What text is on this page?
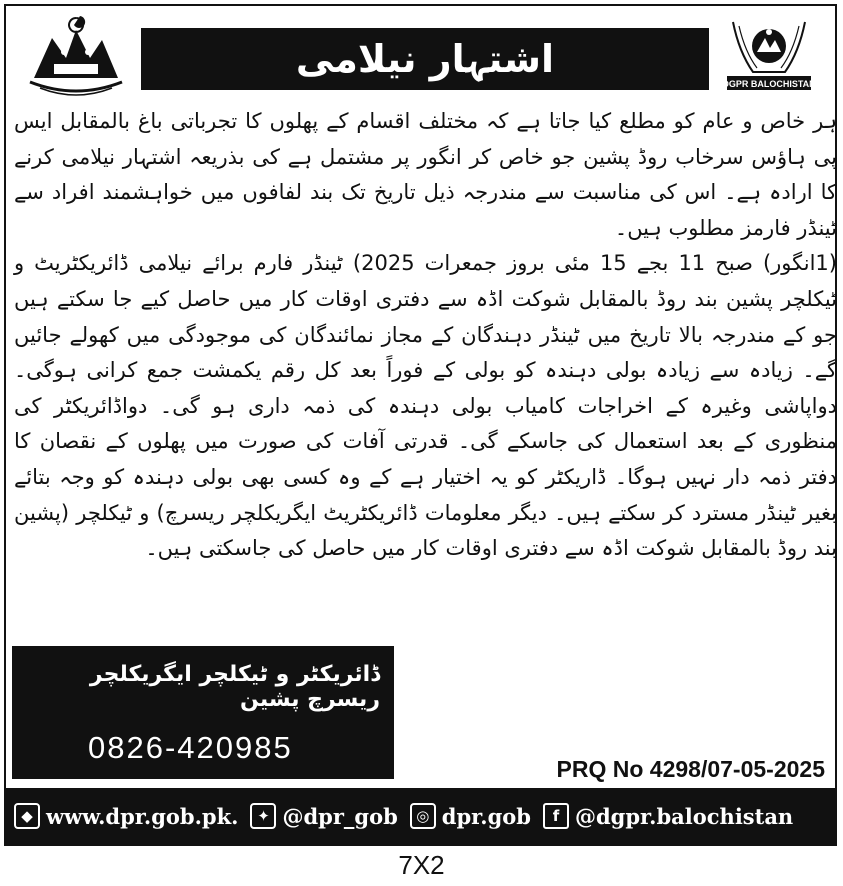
اشتہار نیلامی
DGPR BALOCHISTAN

ہر خاص و عام کو مطلع کیا جاتا ہے کہ مختلف اقسام کے پھلوں کا تجرباتی باغ بالمقابل ایس پی ہاؤس سرخاب روڈ پشین جو خاص کر انگور پر مشتمل ہے کی بذریعہ اشتہار نیلامی کرنے کا ارادہ ہے۔ اس کی مناسبت سے مندرجہ ذیل تاریخ تک بند لفافوں میں خواہشمند افراد سے ٹینڈر فارمز مطلوب ہیں۔

(1انگور) صبح 11 بجے 15 مئی بروز جمعرات 2025) ٹینڈر فارم برائے نیلامی ڈائریکٹریٹ و ٹیکلچر پشین بند روڈ بالمقابل شوکت اڈہ سے دفتری اوقات کار میں حاصل کیے جا سکتے ہیں جو کے مندرجہ بالا تاریخ میں ٹینڈر دہندگان کے مجاز نمائندگان کی موجودگی میں کھولے جائیں گے۔ زیادہ سے زیادہ بولی دہندہ کو بولی کے فوراً بعد کل رقم یکمشت جمع کرانی ہوگی۔ دواپاشی وغیرہ کے اخراجات کامیاب بولی دہندہ کی ذمہ داری ہو گی۔ دواڈائریکٹر کی منظوری کے بعد استعمال کی جاسکے گی۔ قدرتی آفات کی صورت میں پھلوں کے نقصان کا دفتر ذمہ دار نہیں ہوگا۔ ڈاریکٹر کو یہ اختیار ہے کے وہ کسی بھی بولی دہندہ کو وجہ بتائے بغیر ٹینڈر مسترد کر سکتے ہیں۔ دیگر معلومات ڈائریکٹریٹ ایگریکلچر ریسرچ) و ٹیکلچر (پشین بند روڈ بالمقابل شوکت اڈہ سے دفتری اوقات کار میں حاصل کی جاسکتی ہیں۔

ڈائریکٹر و ٹیکلچر ایگریکلچر ریسرچ پشین
0826-420985
PRQ No 4298/07-05-2025
◆ www.dpr.gob.pk.	✦ @dpr_gob	◎ dpr.gob	f @dgpr.balochistan
7X2
